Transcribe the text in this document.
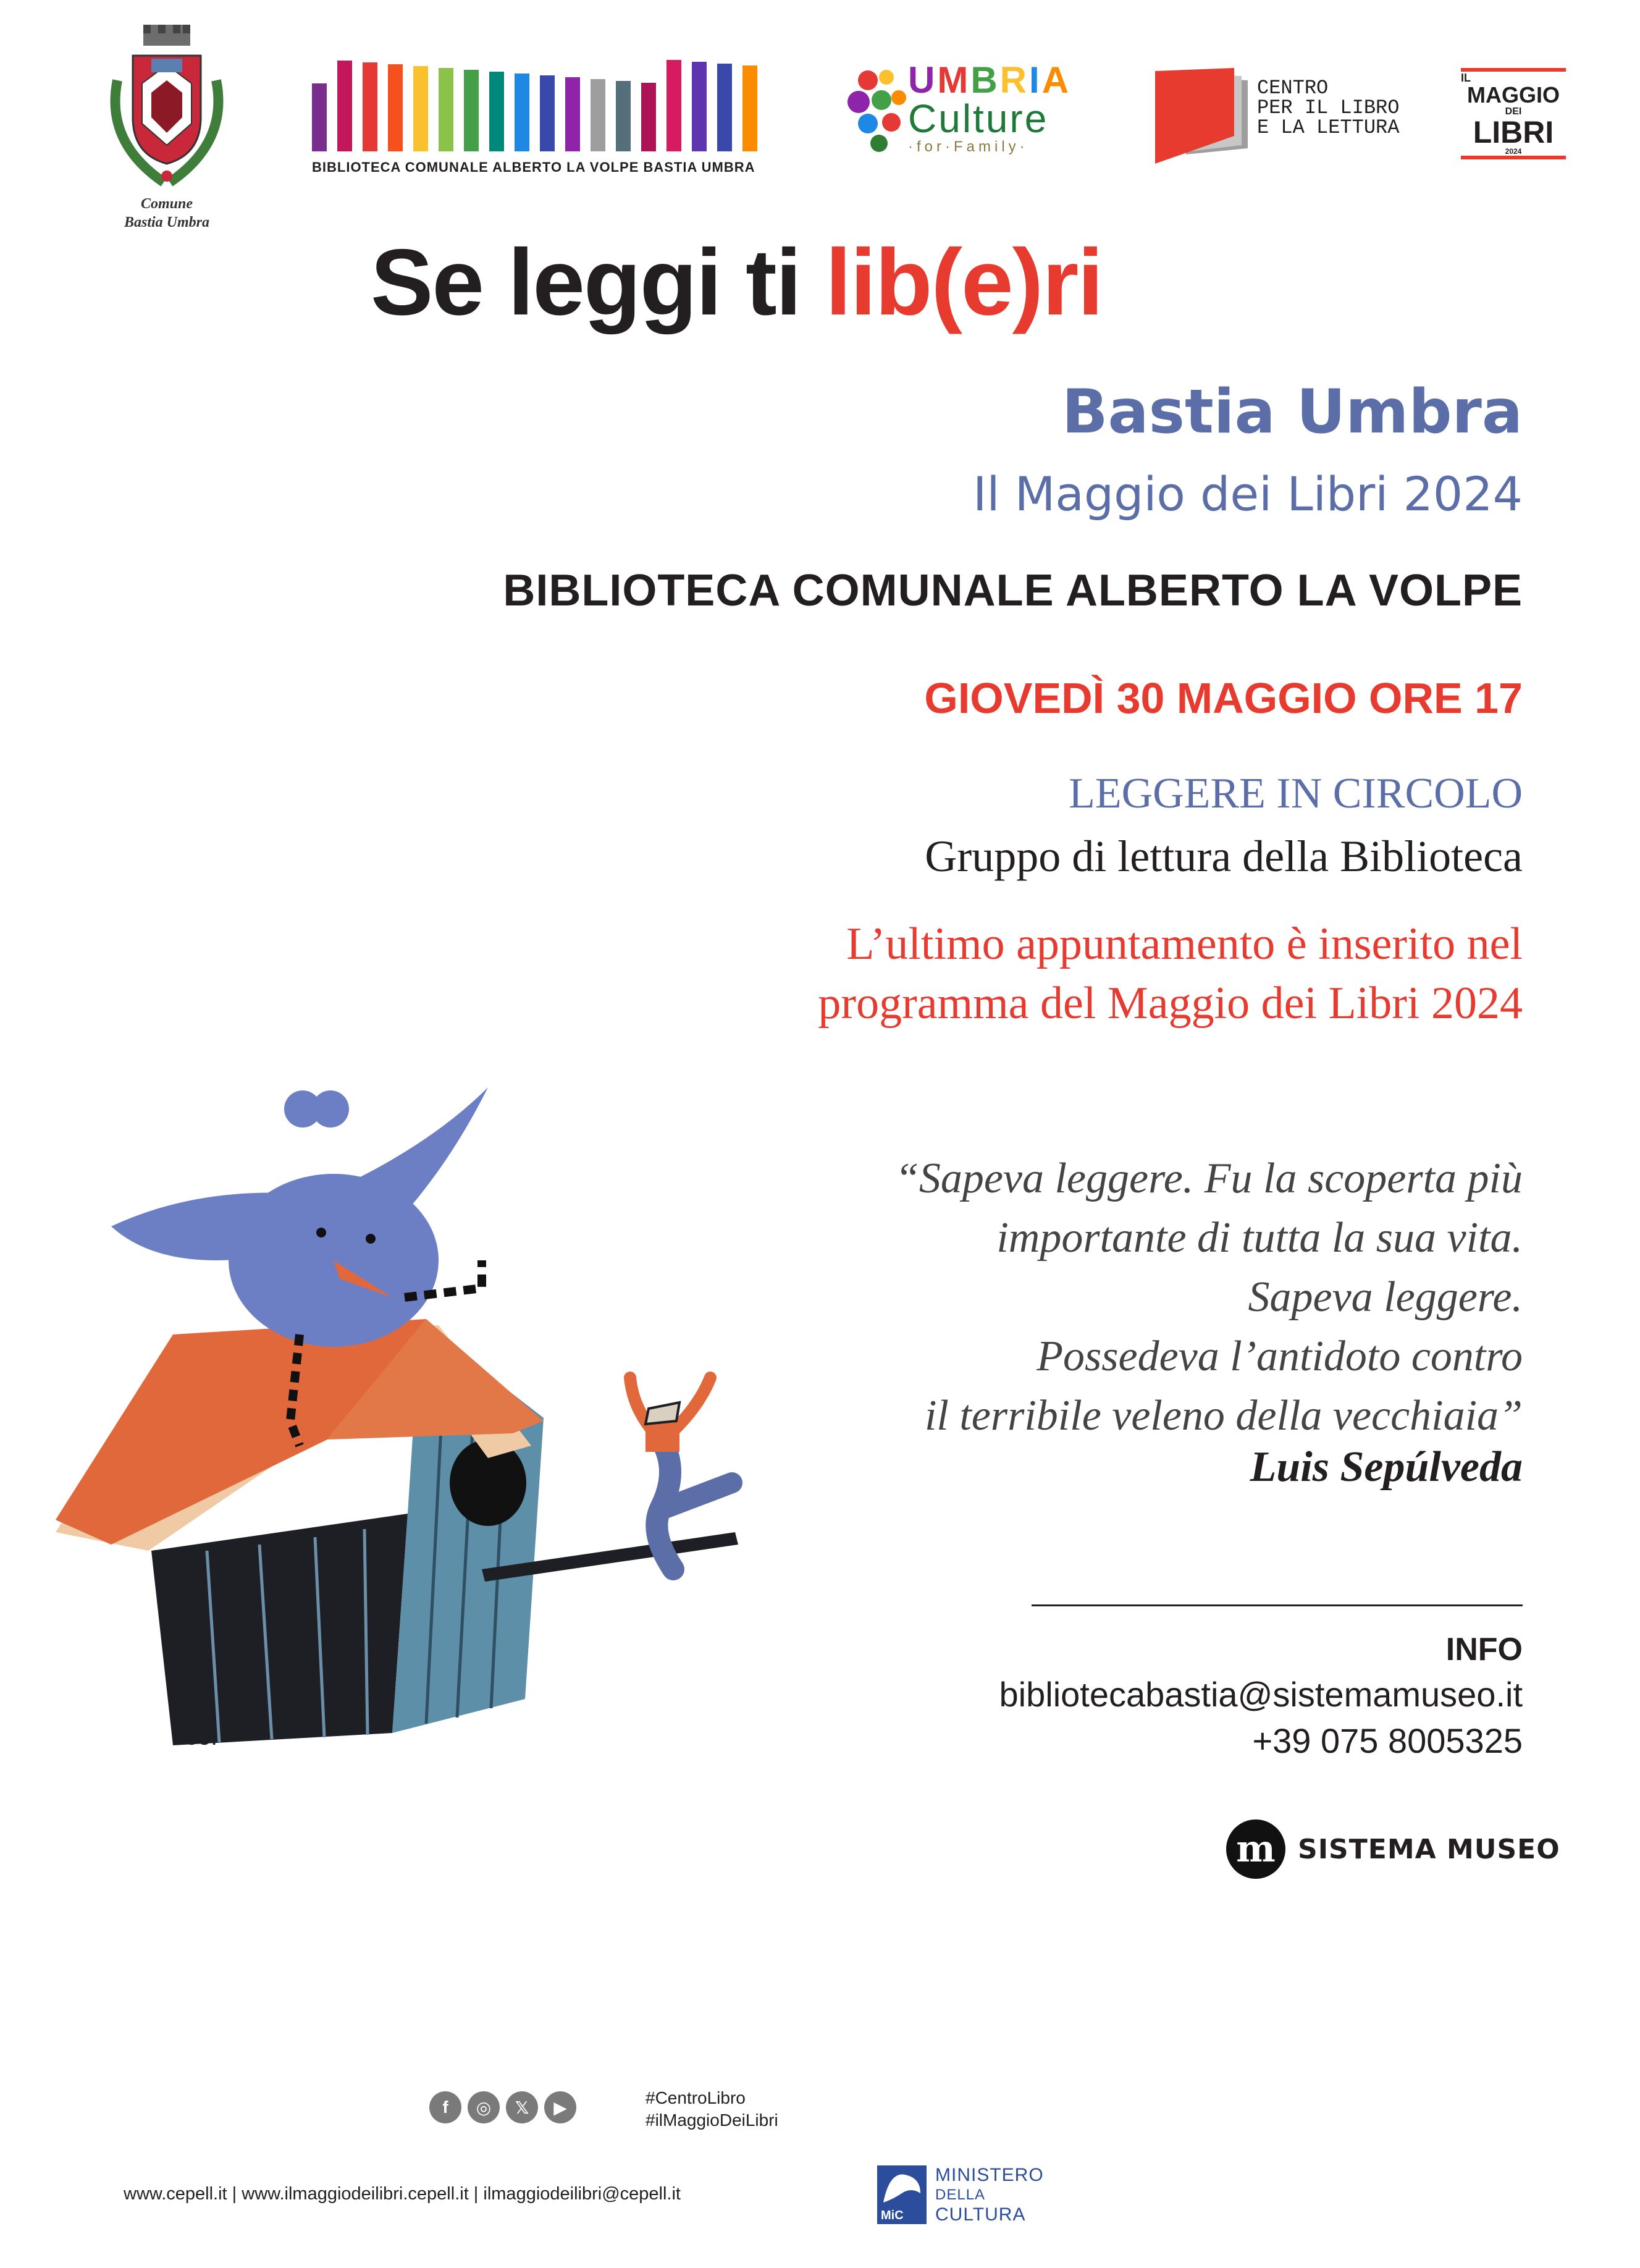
Comune
Bastia Umbra
BIBLIOTECA COMUNALE ALBERTO LA VOLPE BASTIA UMBRA
UMBRIA
Culture
·for·Family·
CENTRO
PER IL LIBRO
E LA LETTURA
IL
MAGGIO
DEI
LIBRI
2024
Se leggi ti lib(e)ri
Bastia Umbra
Il Maggio dei Libri 2024
BIBLIOTECA COMUNALE ALBERTO LA VOLPE
GIOVEDÌ 30 MAGGIO ORE 17
LEGGERE IN CIRCOLO
Gruppo di lettura della Biblioteca
L’ultimo appuntamento è inserito nel
programma del Maggio dei Libri 2024
“Sapeva leggere. Fu la scoperta più
importante di tutta la sua vita.
Sapeva leggere.
Possedeva l’antidoto contro
il terribile veleno della vecchiaia”
Luis Sepúlveda
COI
INFO
bibliotecabastia@sistemamuseo.it
+39 075 8005325
m SISTEMA MUSEO
f	◎	𝕏	▶	#CentroLibro
#ilMaggioDeiLibri
www.cepell.it | www.ilmaggiodeilibri.cepell.it | ilmaggiodeilibri@cepell.it
MiC
MINISTERO
DELLA
CULTURA
